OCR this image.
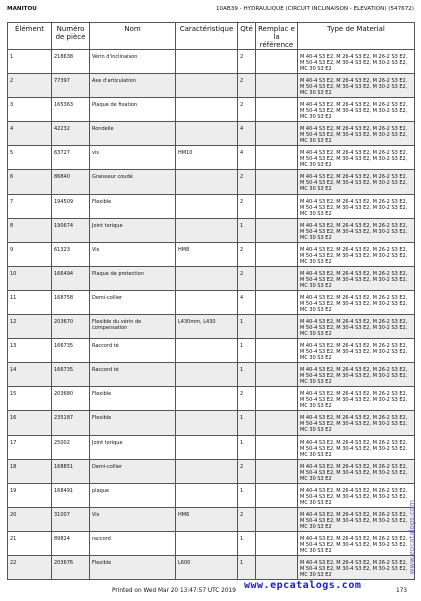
MANITOU	10AB39 - HYDRAULIQUE (CIRCUIT INCLINAISON - ELEVATION) (547672)
Élément	Numéro de pièce	Nom	Caractéristique	Qté	Remplac e la référence	Type de Material
1	218638	Vérin d'inclinaison		2		M 40-4 S3 E2, M 26-4 S3 E2, M 26-2 S3 E2, M 50-4 S3 E2, M 30-4 S3 E2, M 30-2 S3 E2, MC 30 S3 E2
2	77397	Axe d'articulation		2		M 40-4 S3 E2, M 26-4 S3 E2, M 26-2 S3 E2, M 50-4 S3 E2, M 30-4 S3 E2, M 30-2 S3 E2, MC 30 S3 E2
3	165363	Plaque de fixation		2		M 40-4 S3 E2, M 26-4 S3 E2, M 26-2 S3 E2, M 50-4 S3 E2, M 30-4 S3 E2, M 30-2 S3 E2, MC 30 S3 E2
4	42232	Rondelle		4		M 40-4 S3 E2, M 26-4 S3 E2, M 26-2 S3 E2, M 50-4 S3 E2, M 30-4 S3 E2, M 30-2 S3 E2, MC 30 S3 E2
5	63727	vis	HM10	4		M 40-4 S3 E2, M 26-4 S3 E2, M 26-2 S3 E2, M 50-4 S3 E2, M 30-4 S3 E2, M 30-2 S3 E2, MC 30 S3 E2
6	86840	Graisseur coudé		2		M 40-4 S3 E2, M 26-4 S3 E2, M 26-2 S3 E2, M 50-4 S3 E2, M 30-4 S3 E2, M 30-2 S3 E2, MC 30 S3 E2
7	194509	Flexible		2		M 40-4 S3 E2, M 26-4 S3 E2, M 26-2 S3 E2, M 50-4 S3 E2, M 30-4 S3 E2, M 30-2 S3 E2, MC 30 S3 E2
8	190674	Joint torique		1		M 40-4 S3 E2, M 26-4 S3 E2, M 26-2 S3 E2, M 50-4 S3 E2, M 30-4 S3 E2, M 30-2 S3 E2, MC 30 S3 E2
9	61323	Vis	HM8	2		M 40-4 S3 E2, M 26-4 S3 E2, M 26-2 S3 E2, M 50-4 S3 E2, M 30-4 S3 E2, M 30-2 S3 E2, MC 30 S3 E2
10	166494	Plaque de protection		2		M 40-4 S3 E2, M 26-4 S3 E2, M 26-2 S3 E2, M 50-4 S3 E2, M 30-4 S3 E2, M 30-2 S3 E2, MC 30 S3 E2
11	168758	Demi-collier		4		M 40-4 S3 E2, M 26-4 S3 E2, M 26-2 S3 E2, M 50-4 S3 E2, M 30-4 S3 E2, M 30-2 S3 E2, MC 30 S3 E2
12	203670	Flexible du vérin de compensation	L430mm, L430	1		M 40-4 S3 E2, M 26-4 S3 E2, M 26-2 S3 E2, M 50-4 S3 E2, M 30-4 S3 E2, M 30-2 S3 E2, MC 30 S3 E2
13	166735	Raccord té		1		M 40-4 S3 E2, M 26-4 S3 E2, M 26-2 S3 E2, M 50-4 S3 E2, M 30-4 S3 E2, M 30-2 S3 E2, MC 30 S3 E2
14	166735	Raccord té		1		M 40-4 S3 E2, M 26-4 S3 E2, M 26-2 S3 E2, M 50-4 S3 E2, M 30-4 S3 E2, M 30-2 S3 E2, MC 30 S3 E2
15	203680	Flexible		2		M 40-4 S3 E2, M 26-4 S3 E2, M 26-2 S3 E2, M 50-4 S3 E2, M 30-4 S3 E2, M 30-2 S3 E2, MC 30 S3 E2
16	235187	Flexible		1		M 40-4 S3 E2, M 26-4 S3 E2, M 26-2 S3 E2, M 50-4 S3 E2, M 30-4 S3 E2, M 30-2 S3 E2, MC 30 S3 E2
17	25002	Joint torique		1		M 40-4 S3 E2, M 26-4 S3 E2, M 26-2 S3 E2, M 50-4 S3 E2, M 30-4 S3 E2, M 30-2 S3 E2, MC 30 S3 E2
18	168851	Demi-collier		2		M 40-4 S3 E2, M 26-4 S3 E2, M 26-2 S3 E2, M 50-4 S3 E2, M 30-4 S3 E2, M 30-2 S3 E2, MC 30 S3 E2
19	168491	plaque		1		M 40-4 S3 E2, M 26-4 S3 E2, M 26-2 S3 E2, M 50-4 S3 E2, M 30-4 S3 E2, M 30-2 S3 E2, MC 30 S3 E2
20	31007	Vis	HM6	2		M 40-4 S3 E2, M 26-4 S3 E2, M 26-2 S3 E2, M 50-4 S3 E2, M 30-4 S3 E2, M 30-2 S3 E2, MC 30 S3 E2
21	89824	raccord		1		M 40-4 S3 E2, M 26-4 S3 E2, M 26-2 S3 E2, M 50-4 S3 E2, M 30-4 S3 E2, M 30-2 S3 E2, MC 30 S3 E2
22	203676	Flexible	L600	1		M 40-4 S3 E2, M 26-4 S3 E2, M 26-2 S3 E2, M 50-4 S3 E2, M 30-4 S3 E2, M 30-2 S3 E2, MC 30 S3 E2
Printed on Wed Mar 20 13:47:57 UTC 2019	173
www.epcatalogs.com
www.epcatalogs.com
